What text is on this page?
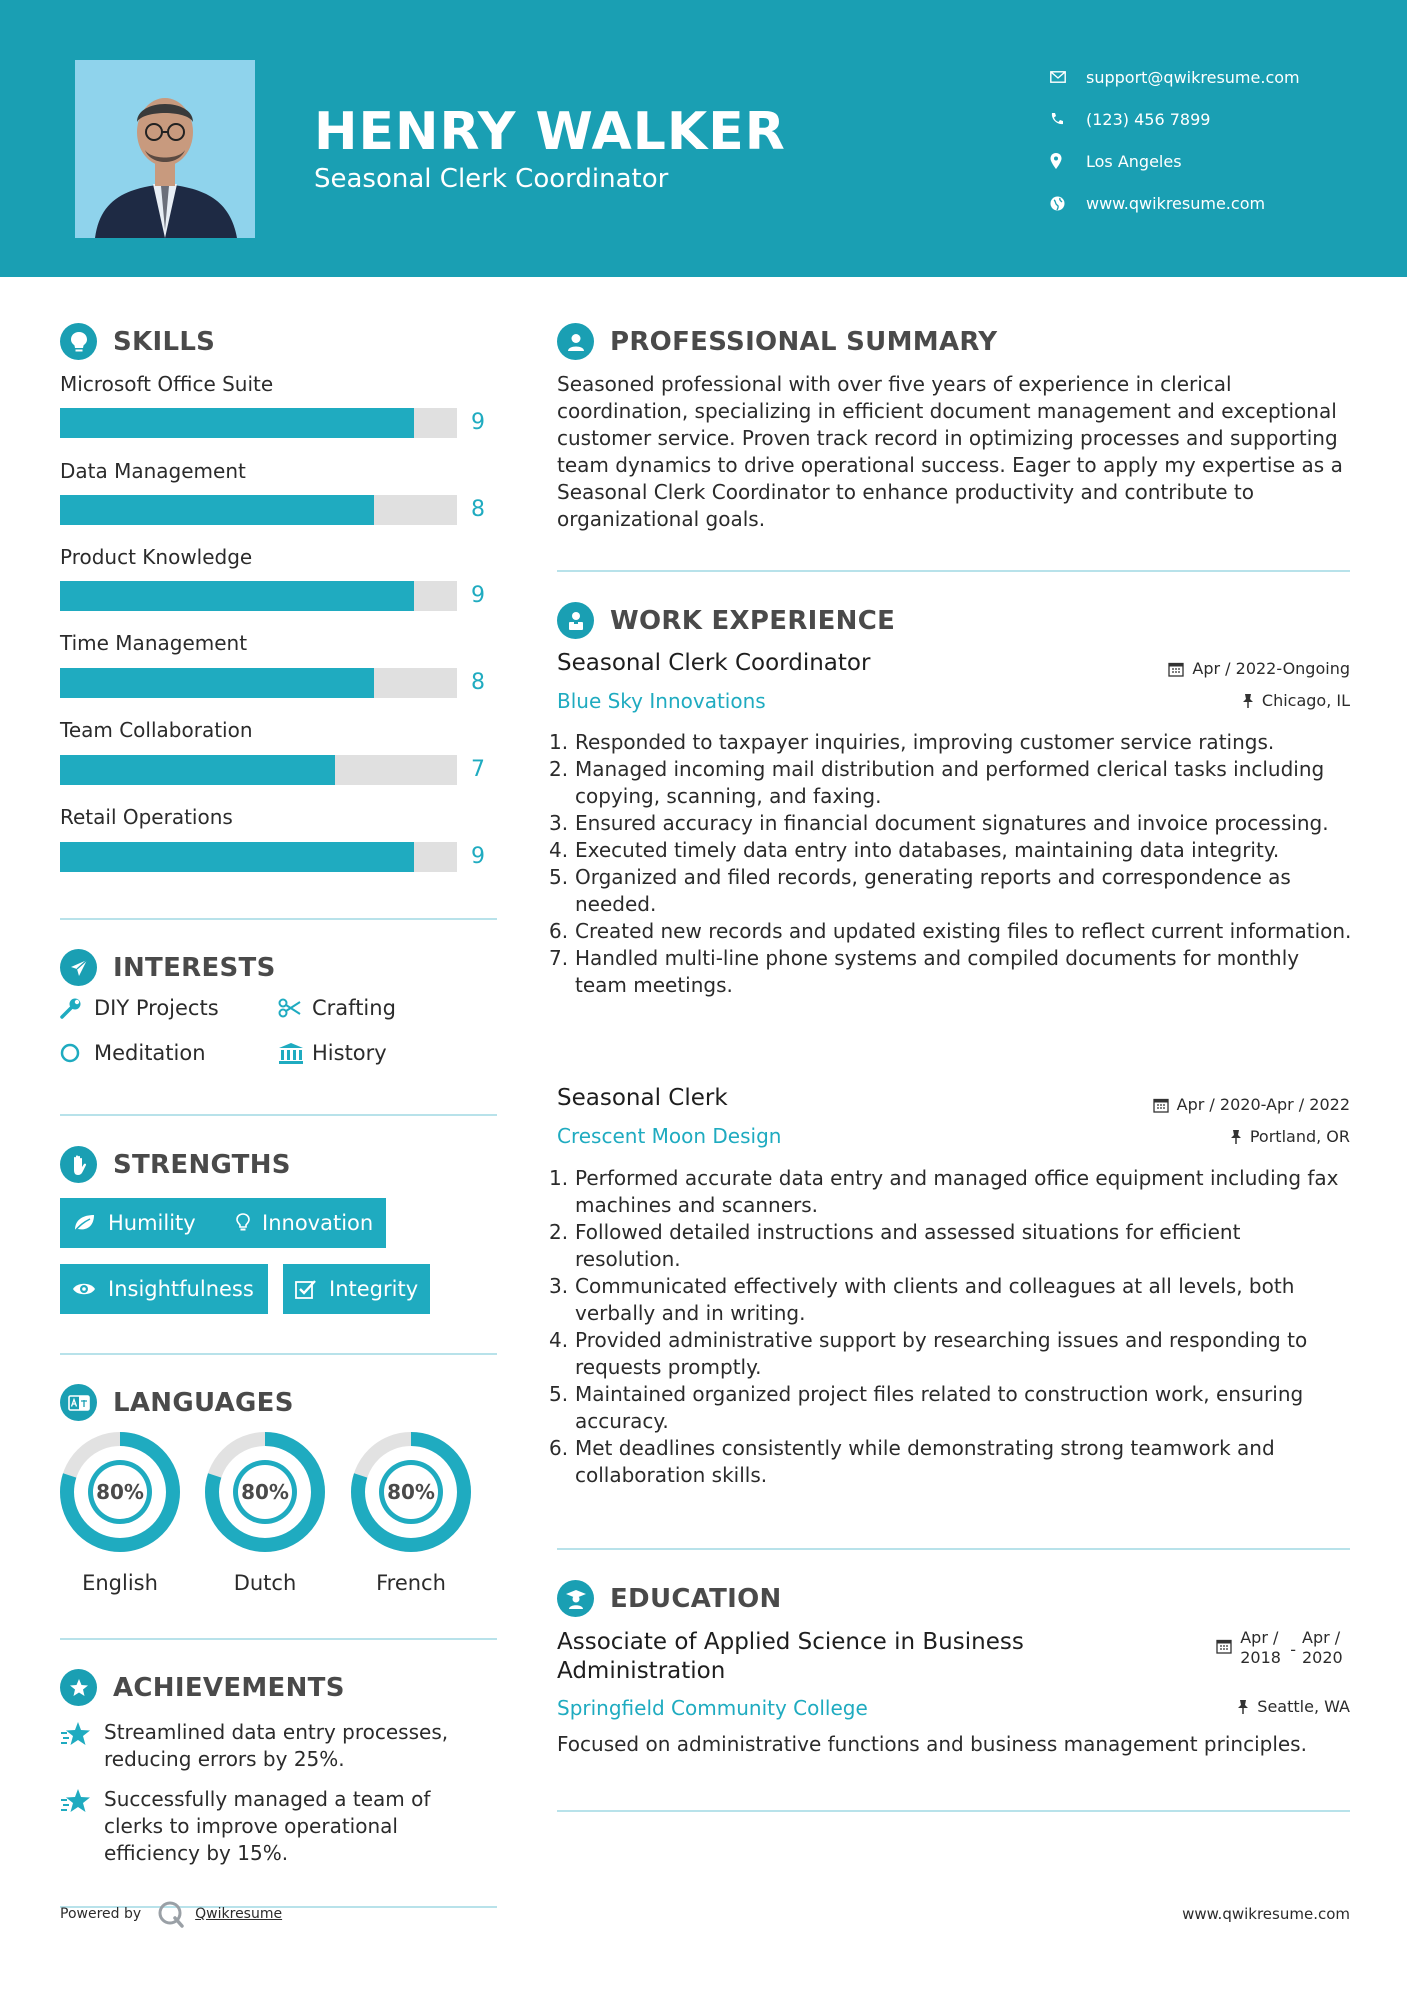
HENRY WALKER
Seasonal Clerk Coordinator
support@qwikresume.com
(123) 456 7899
Los Angeles
www.qwikresume.com
SKILLS
Microsoft Office Suite
9
Data Management
8
Product Knowledge
9
Time Management
8
Team Collaboration
7
Retail Operations
9
INTERESTS
DIY Projects	Crafting
Meditation	History
STRENGTHS
Humility	Innovation
Insightfulness	Integrity
LANGUAGES
80%
English
80%
Dutch
80%
French
ACHIEVEMENTS
Streamlined data entry processes, reducing errors by 25%.
Successfully managed a team of clerks to improve operational efficiency by 15%.
PROFESSIONAL SUMMARY
Seasoned professional with over five years of experience in clerical coordination, specializing in efficient document management and exceptional customer service. Proven track record in optimizing processes and supporting team dynamics to drive operational success. Eager to apply my expertise as a Seasonal Clerk Coordinator to enhance productivity and contribute to organizational goals.
WORK EXPERIENCE
Seasonal Clerk Coordinator	Apr / 2022-Ongoing
Blue Sky Innovations	Chicago, IL
1. Responded to taxpayer inquiries, improving customer service ratings.
2. Managed incoming mail distribution and performed clerical tasks including copying, scanning, and faxing.
3. Ensured accuracy in financial document signatures and invoice processing.
4. Executed timely data entry into databases, maintaining data integrity.
5. Organized and filed records, generating reports and correspondence as needed.
6. Created new records and updated existing files to reflect current information.
7. Handled multi-line phone systems and compiled documents for monthly team meetings.
Seasonal Clerk	Apr / 2020-Apr / 2022
Crescent Moon Design	Portland, OR
1. Performed accurate data entry and managed office equipment including fax machines and scanners.
2. Followed detailed instructions and assessed situations for efficient resolution.
3. Communicated effectively with clients and colleagues at all levels, both verbally and in writing.
4. Provided administrative support by researching issues and responding to requests promptly.
5. Maintained organized project files related to construction work, ensuring accuracy.
6. Met deadlines consistently while demonstrating strong teamwork and collaboration skills.
EDUCATION
Associate of Applied Science in Business Administration
Apr / 2018 -
Apr / 2020
Springfield Community College	Seattle, WA
Focused on administrative functions and business management principles.
Powered by	Qwikresume	www.qwikresume.com
